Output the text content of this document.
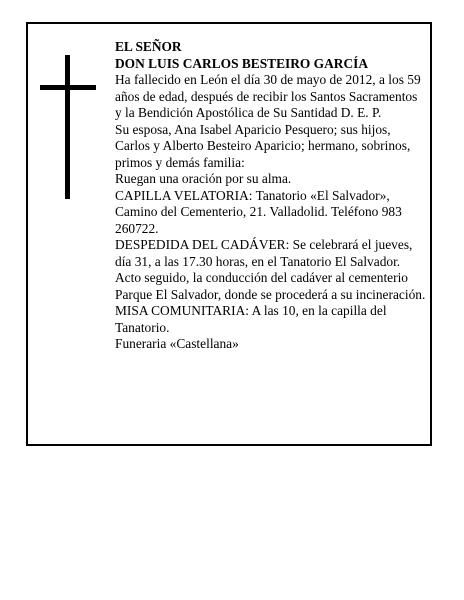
EL SEÑOR

DON LUIS CARLOS BESTEIRO GARCÍA

Ha fallecido en León el día 30 de mayo de 2012, a los 59 años de edad, después de recibir los Santos Sacramentos y la Bendición Apostólica de Su Santidad D. E. P.

Su esposa, Ana Isabel Aparicio Pesquero; sus hijos, Carlos y Alberto Besteiro Aparicio; hermano, sobrinos, primos y demás familia:

Ruegan una oración por su alma.

CAPILLA VELATORIA: Tanatorio «El Salvador», Camino del Cementerio, 21. Valladolid. Teléfono 983 260722.

DESPEDIDA DEL CADÁVER: Se celebrará el jueves, día 31, a las 17.30 horas, en el Tanatorio El Salvador. Acto seguido, la conducción del cadáver al cementerio Parque El Salvador, donde se procederá a su incineración.

MISA COMUNITARIA: A las 10, en la capilla del Tanatorio.

Funeraria «Castellana»
